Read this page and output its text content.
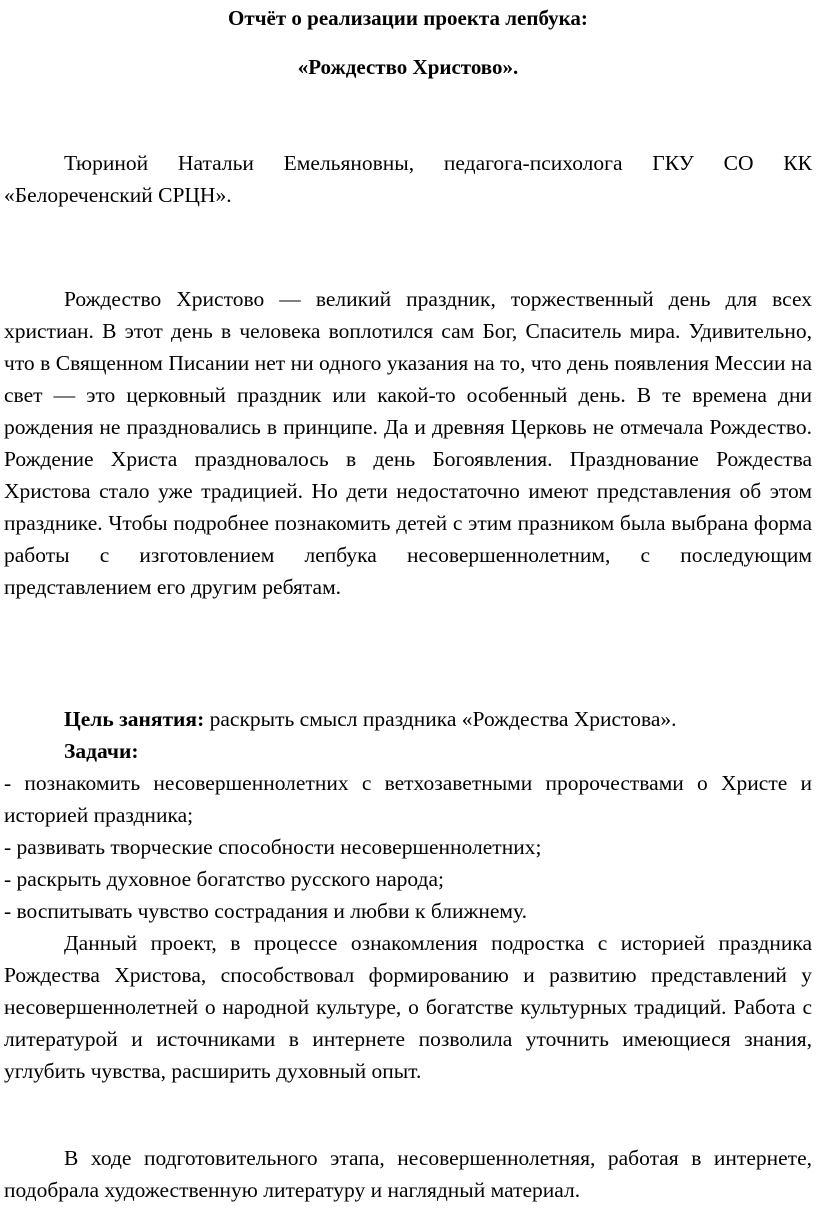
Отчёт о реализации проекта лепбука:

«Рождество Христово».

Тюриной Натальи Емельяновны, педагога-психолога ГКУ СО КК «Белореченский СРЦН».

Рождество Христово — великий праздник, торжественный день для всех христиан. В этот день в человека воплотился сам Бог, Спаситель мира. Удивительно, что в Священном Писании нет ни одного указания на то, что день появления Мессии на свет — это церковный праздник или какой-то особенный день. В те времена дни рождения не праздновались в принципе. Да и древняя Церковь не отмечала Рождество. Рождение Христа праздновалось в день Богоявления. Празднование Рождества Христова стало уже традицией. Но дети недостаточно имеют представления об этом празднике. Чтобы подробнее познакомить детей с этим празником была выбрана форма работы с изготовлением лепбука несовершеннолетним, с последующим представлением его другим ребятам.

Цель занятия: раскрыть смысл праздника «Рождества Христова».

Задачи:

- познакомить несовершеннолетних с ветхозаветными пророчествами о Христе и историей праздника;

- развивать творческие способности несовершеннолетних;

- раскрыть духовное богатство русского народа;

- воспитывать чувство сострадания и любви к ближнему.

Данный проект, в процессе ознакомления подростка с историей праздника Рождества Христова, способствовал формированию и развитию представлений у несовершеннолетней о народной культуре, о богатстве культурных традиций. Работа с литературой и источниками в интернете позволила уточнить имеющиеся знания, углубить чувства, расширить духовный опыт.

В ходе подготовительного этапа, несовершеннолетняя, работая в интернете, подобрала художественную литературу и наглядный материал.
